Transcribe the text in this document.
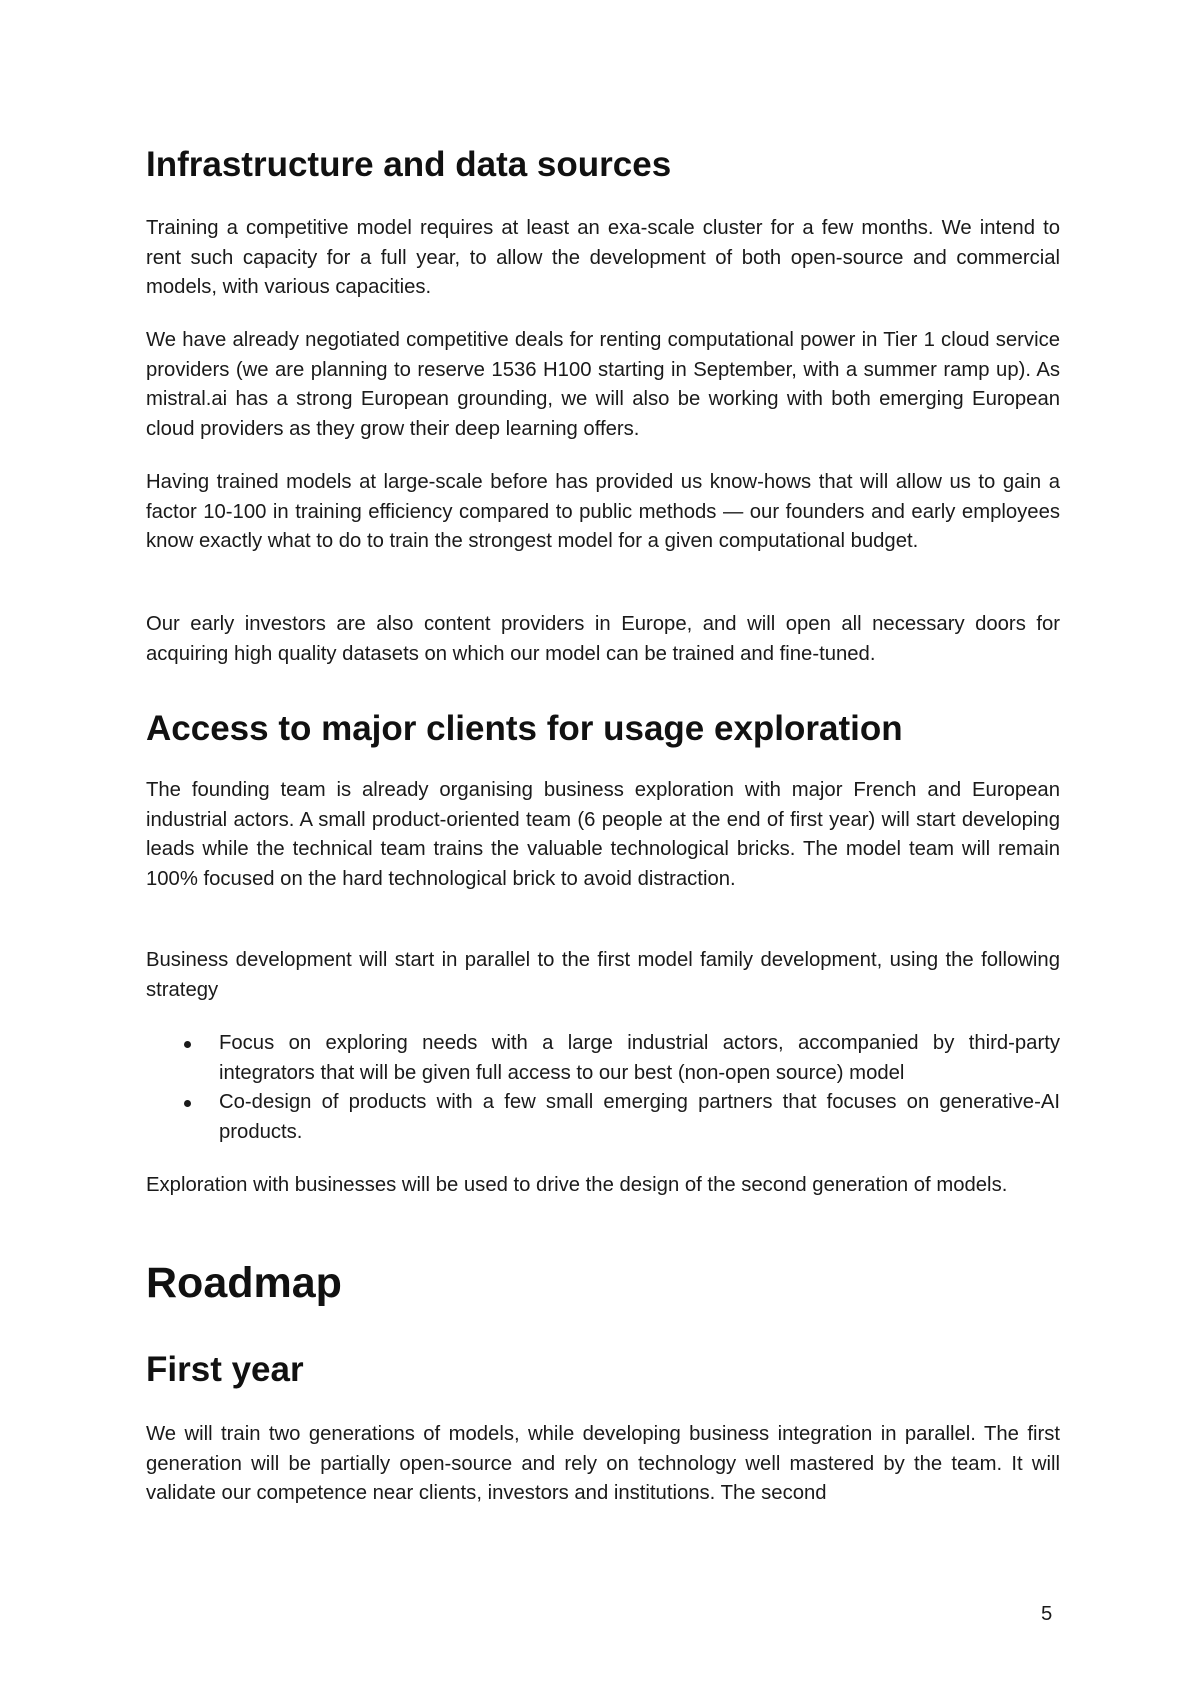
Infrastructure and data sources

Training a competitive model requires at least an exa-scale cluster for a few months. We intend to rent such capacity for a full year, to allow the development of both open-source and commercial models, with various capacities.

We have already negotiated competitive deals for renting computational power in Tier 1 cloud service providers (we are planning to reserve 1536 H100 starting in September, with a summer ramp up). As mistral.ai has a strong European grounding, we will also be working with both emerging European cloud providers as they grow their deep learning offers.

Having trained models at large-scale before has provided us know-hows that will allow us to gain a factor 10-100 in training efficiency compared to public methods — our founders and early employees know exactly what to do to train the strongest model for a given computational budget.

Our early investors are also content providers in Europe, and will open all necessary doors for acquiring high quality datasets on which our model can be trained and fine-tuned.

Access to major clients for usage exploration

The founding team is already organising business exploration with major French and European industrial actors. A small product-oriented team (6 people at the end of first year) will start developing leads while the technical team trains the valuable technological bricks. The model team will remain 100% focused on the hard technological brick to avoid distraction.

Business development will start in parallel to the first model family development, using the following strategy

Focus on exploring needs with a large industrial actors, accompanied by third-party integrators that will be given full access to our best (non-open source) model
Co-design of products with a few small emerging partners that focuses on generative-AI products.

Exploration with businesses will be used to drive the design of the second generation of models.

Roadmap
First year

We will train two generations of models, while developing business integration in parallel. The first generation will be partially open-source and rely on technology well mastered by the team. It will validate our competence near clients, investors and institutions. The second

5
